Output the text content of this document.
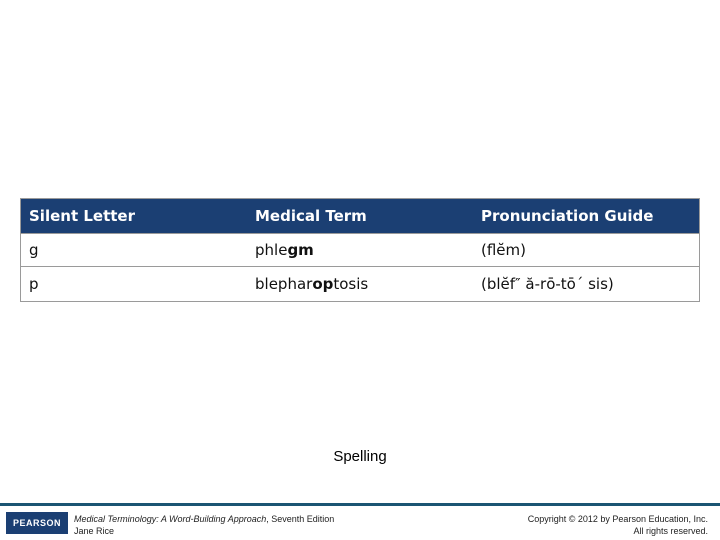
Silent Letter	Medical Term	Pronunciation Guide
g	phlegm	(flĕm)
p	blepharoptosis	(blĕf″ ă-rō-tō´ sis)
Spelling
PEARSON	Medical Terminology: A Word-Building Approach, Seventh Edition
Jane Rice
Copyright © 2012 by Pearson Education, Inc.
All rights reserved.
